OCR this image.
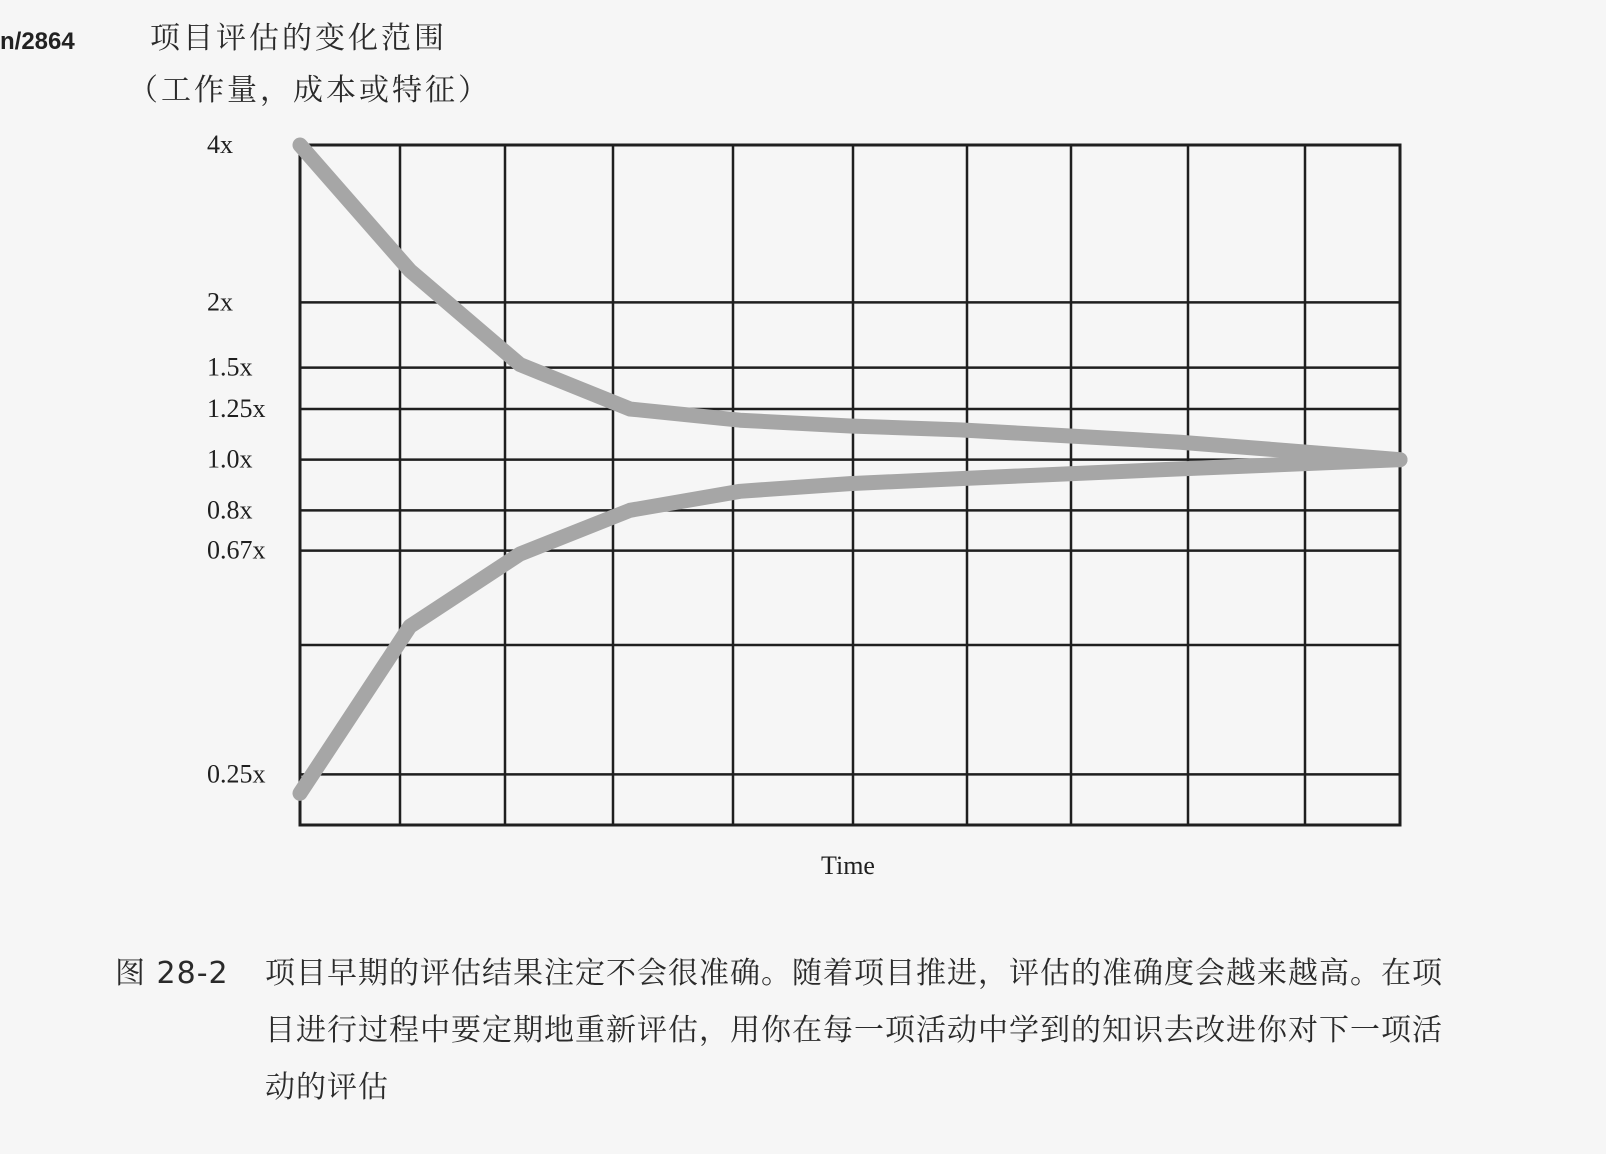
n/2864	项目评估的变化范围
（工作量，成本或特征）
4x
2x
1.5x
1.25x
1.0x
0.8x
0.67x
0.25x
Time
图 28-2 项目早期的评估结果注定不会很准确。随着项目推进，评估的准确度会越来越高。在项目进行过程中要定期地重新评估，用你在每一项活动中学到的知识去改进你对下一项活动的评估
